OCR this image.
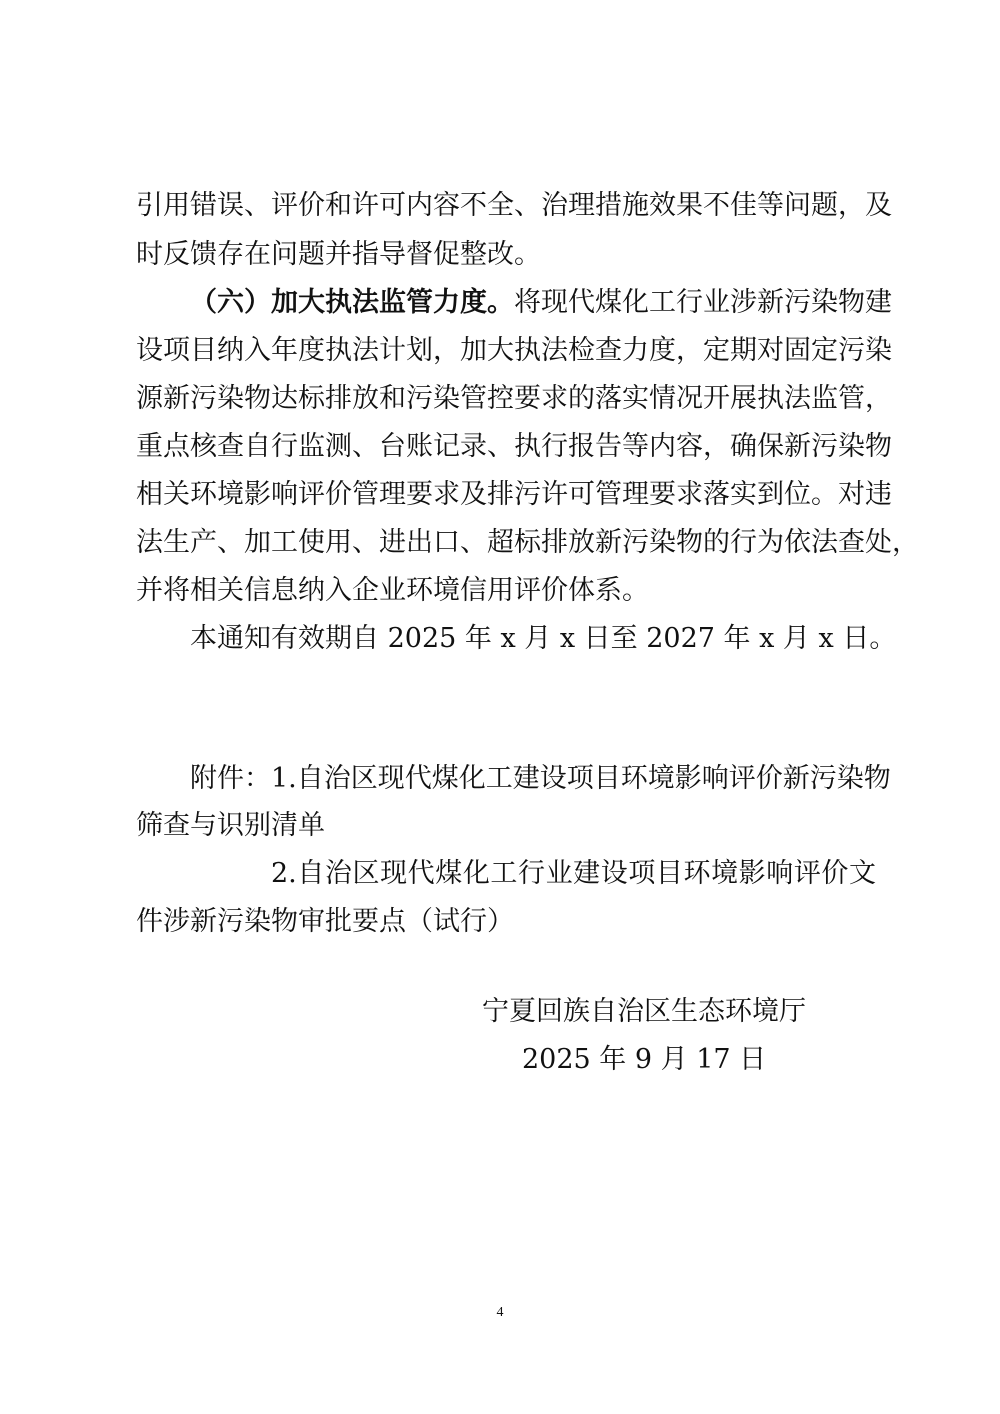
引用错误、评价和许可内容不全、治理措施效果不佳等问题，及
时反馈存在问题并指导督促整改。
（六）加大执法监管力度。将现代煤化工行业涉新污染物建
设项目纳入年度执法计划，加大执法检查力度，定期对固定污染
源新污染物达标排放和污染管控要求的落实情况开展执法监管，
重点核查自行监测、台账记录、执行报告等内容，确保新污染物
相关环境影响评价管理要求及排污许可管理要求落实到位。对违
法生产、加工使用、进出口、超标排放新污染物的行为依法查处，
并将相关信息纳入企业环境信用评价体系。
本通知有效期自 2025 年 x 月 x 日至 2027 年 x 月 x 日。
附件：1.自治区现代煤化工建设项目环境影响评价新污染物
筛查与识别清单
2.自治区现代煤化工行业建设项目环境影响评价文
件涉新污染物审批要点（试行）
宁夏回族自治区生态环境厅
2025 年 9 月 17 日
4
